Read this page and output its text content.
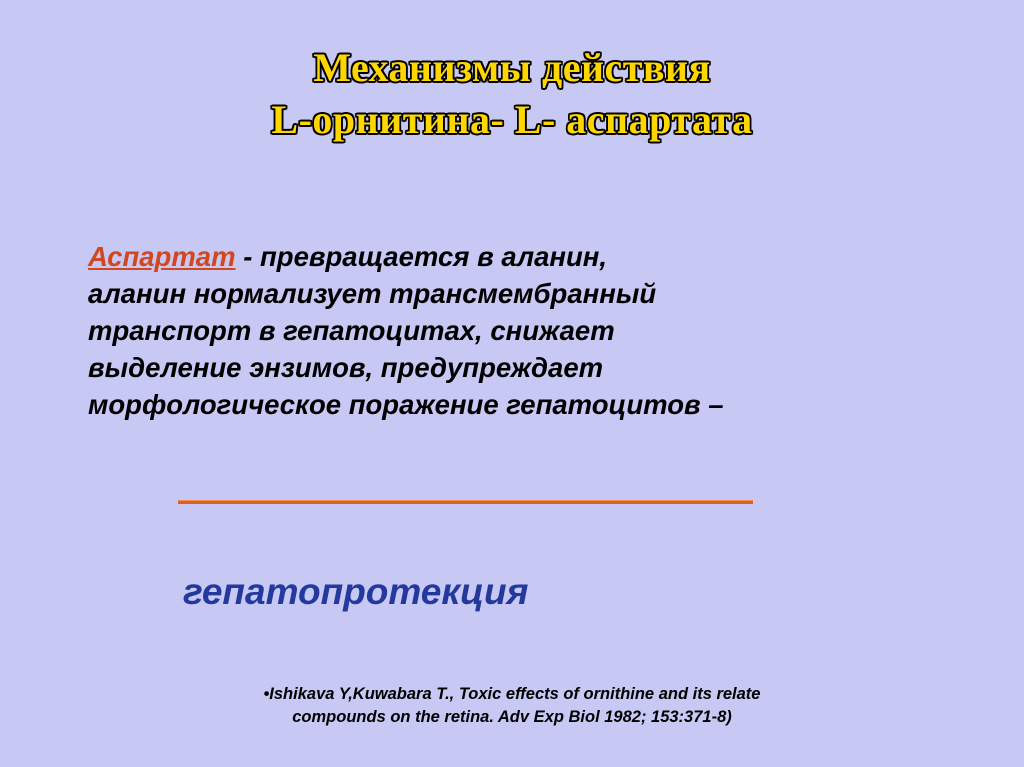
Механизмы действия
L-орнитина- L- аспартата
Аспартат - превращается в аланин,
аланин нормализует трансмембранный
транспорт в гепатоцитах, снижает
выделение энзимов, предупреждает
морфологическое поражение гепатоцитов –
гепатопротекция
•Ishikava Y,Kuwabara T., Toxic effects of ornithine and its relate
compounds on the retina. Adv Exp Biol 1982; 153:371-8)
